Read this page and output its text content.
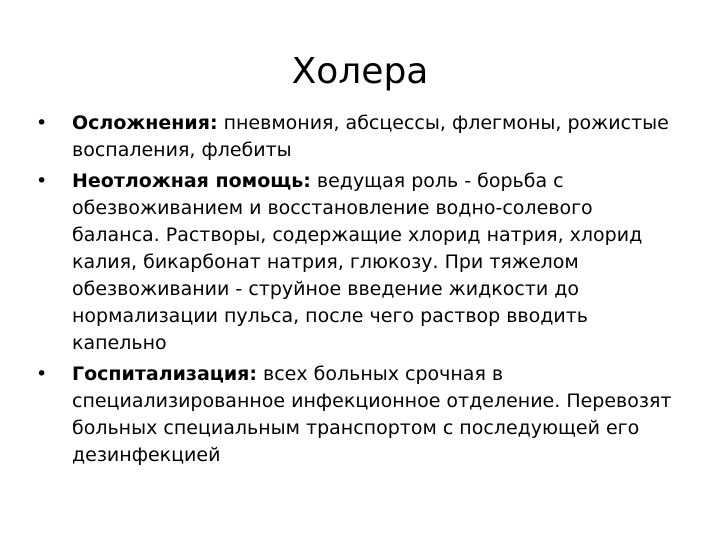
Холера
• Осложнения: пневмония, абсцессы, флегмоны, рожистые воспаления, флебиты
• Неотложная помощь: ведущая роль - борьба с обезвоживанием и восстановление водно-солевого баланса. Растворы, содержащие хлорид натрия, хлорид калия, бикарбонат натрия, глюкозу. При тяжелом обезвоживании - струйное введение жидкости до нормализации пульса, после чего раствор вводить капельно
• Госпитализация: всех больных срочная в специализированное инфекционное отделение. Перевозят больных специальным транспортом с последующей его дезинфекцией
